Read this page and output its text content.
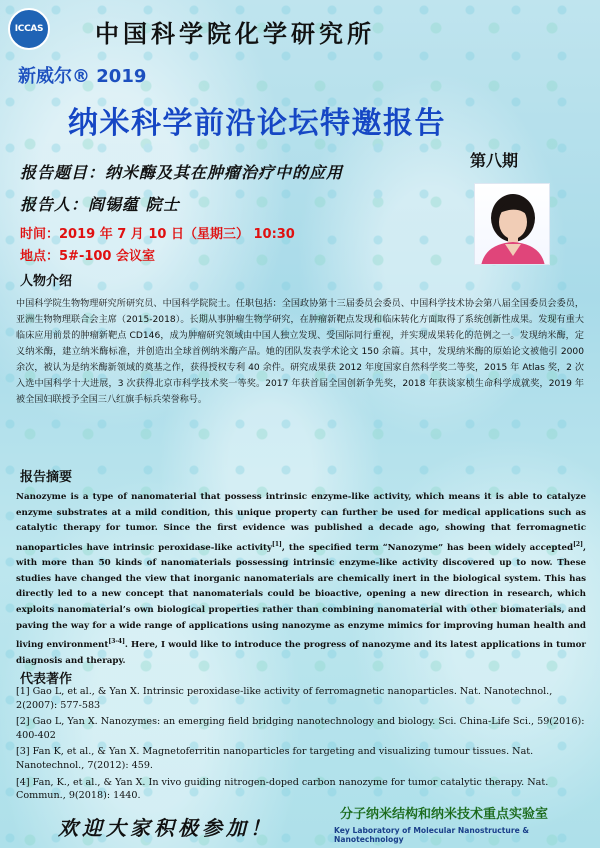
ICCAS 中国科学院化学研究所
新威尔® 2019
纳米科学前沿论坛特邀报告
第八期
报告题目：纳米酶及其在肿瘤治疗中的应用
报告人：阎锡蕴 院士
时间：2019 年 7 月 10 日（星期三） 10:30
地点：5#-100 会议室
人物介绍
中国科学院生物物理研究所研究员、中国科学院院士。任职包括：全国政协第十三届委员会委员、中国科学技术协会第八届全国委员会委员，亚洲生物物理联合会主席（2015-2018）。长期从事肿瘤生物学研究，在肿瘤新靶点发现和临床转化方面取得了系统创新性成果。发现有重大临床应用前景的肿瘤新靶点 CD146，成为肿瘤研究领域由中国人独立发现、受国际同行重视，并实现成果转化的范例之一。发现纳米酶，定义纳米酶，建立纳米酶标准，并创造出全球首例纳米酶产品。她的团队发表学术论文 150 余篇。其中，发现纳米酶的原始论文被他引 2000 余次，被认为是纳米酶新领域的奠基之作，获得授权专利 40 余件。研究成果获 2012 年度国家自然科学奖二等奖，2015 年 Atlas 奖，2 次入选中国科学十大进展，3 次获得北京市科学技术奖一等奖。2017 年获首届全国创新争先奖，2018 年获谈家桢生命科学成就奖，2019 年被全国妇联授予全国三八红旗手标兵荣誉称号。
报告摘要
Nanozyme is a type of nanomaterial that possess intrinsic enzyme-like activity, which means it is able to catalyze enzyme substrates at a mild condition, this unique property can further be used for medical applications such as catalytic therapy for tumor. Since the first evidence was published a decade ago, showing that ferromagnetic nanoparticles have intrinsic peroxidase-like activity[1], the specified term “Nanozyme” has been widely accepted[2], with more than 50 kinds of nanomaterials possessing intrinsic enzyme-like activity discovered up to now. These studies have changed the view that inorganic nanomaterials are chemically inert in the biological system. This has directly led to a new concept that nanomaterials could be bioactive, opening a new direction in research, which exploits nanomaterial’s own biological properties rather than combining nanomaterial with other biomaterials, and paving the way for a wide range of applications using nanozyme as enzyme mimics for improving human health and living environment[3-4]. Here, I would like to introduce the progress of nanozyme and its latest applications in tumor diagnosis and therapy.
代表著作
[1] Gao L, et al., & Yan X. Intrinsic peroxidase-like activity of ferromagnetic nanoparticles. Nat. Nanotechnol., 2(2007): 577-583
[2] Gao L, Yan X. Nanozymes: an emerging field bridging nanotechnology and biology. Sci. China-Life Sci., 59(2016): 400-402
[3] Fan K, et al., & Yan X. Magnetoferritin nanoparticles for targeting and visualizing tumour tissues. Nat. Nanotechnol., 7(2012): 459.
[4] Fan, K., et al., & Yan X. In vivo guiding nitrogen-doped carbon nanozyme for tumor catalytic therapy. Nat. Commun., 9(2018): 1440.
欢迎大家积极参加！
分子纳米结构和纳米技术重点实验室
Key Laboratory of Molecular Nanostructure & Nanotechnology
